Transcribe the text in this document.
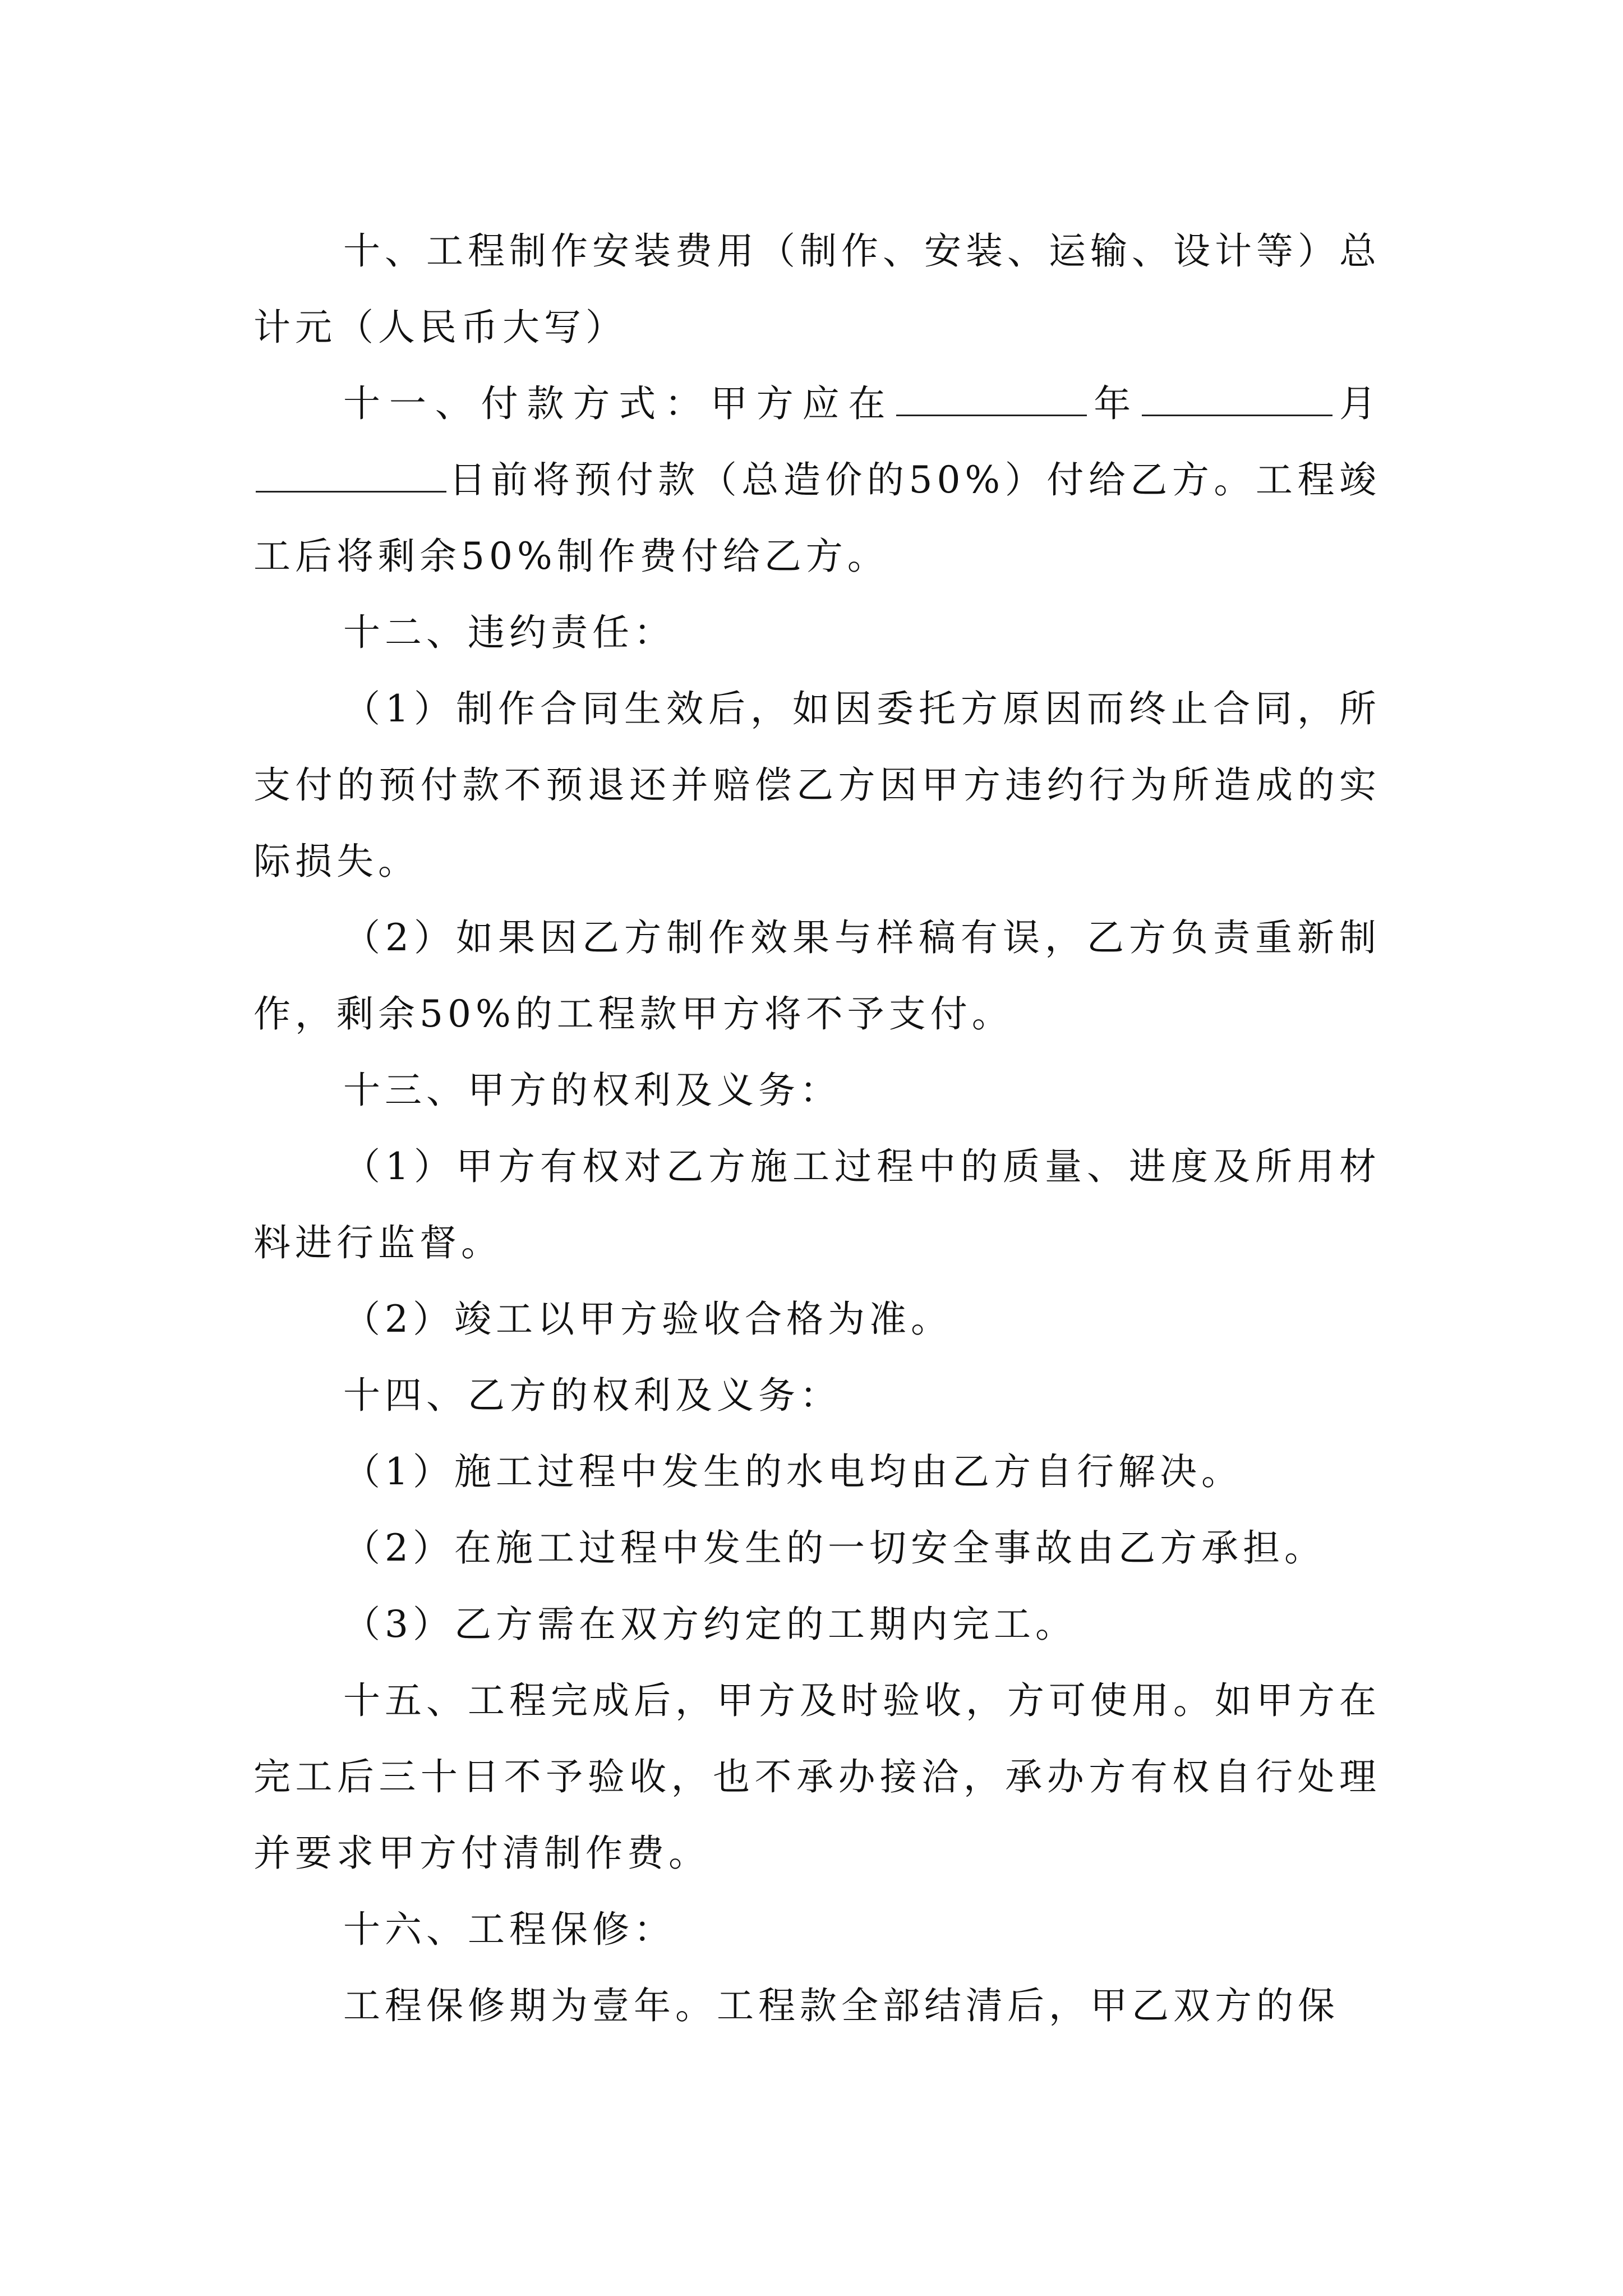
十、工程制作安装费用（制作、安装、运输、设计等）总计元（人民币大写）

十一、付款方式：甲方应在	年	月日前将预付款（总造价的50%）付给乙方。工程竣工后将剩余50%制作费付给乙方。

十二、违约责任：

（1）制作合同生效后，如因委托方原因而终止合同，所支付的预付款不预退还并赔偿乙方因甲方违约行为所造成的实际损失。

（2）如果因乙方制作效果与样稿有误，乙方负责重新制作，剩余50%的工程款甲方将不予支付。

十三、甲方的权利及义务：

（1）甲方有权对乙方施工过程中的质量、进度及所用材料进行监督。

（2）竣工以甲方验收合格为准。

十四、乙方的权利及义务：

（1）施工过程中发生的水电均由乙方自行解决。

（2）在施工过程中发生的一切安全事故由乙方承担。

（3）乙方需在双方约定的工期内完工。

十五、工程完成后，甲方及时验收，方可使用。如甲方在完工后三十日不予验收，也不承办接洽，承办方有权自行处理并要求甲方付清制作费。

十六、工程保修：

工程保修期为壹年。工程款全部结清后，甲乙双方的保
